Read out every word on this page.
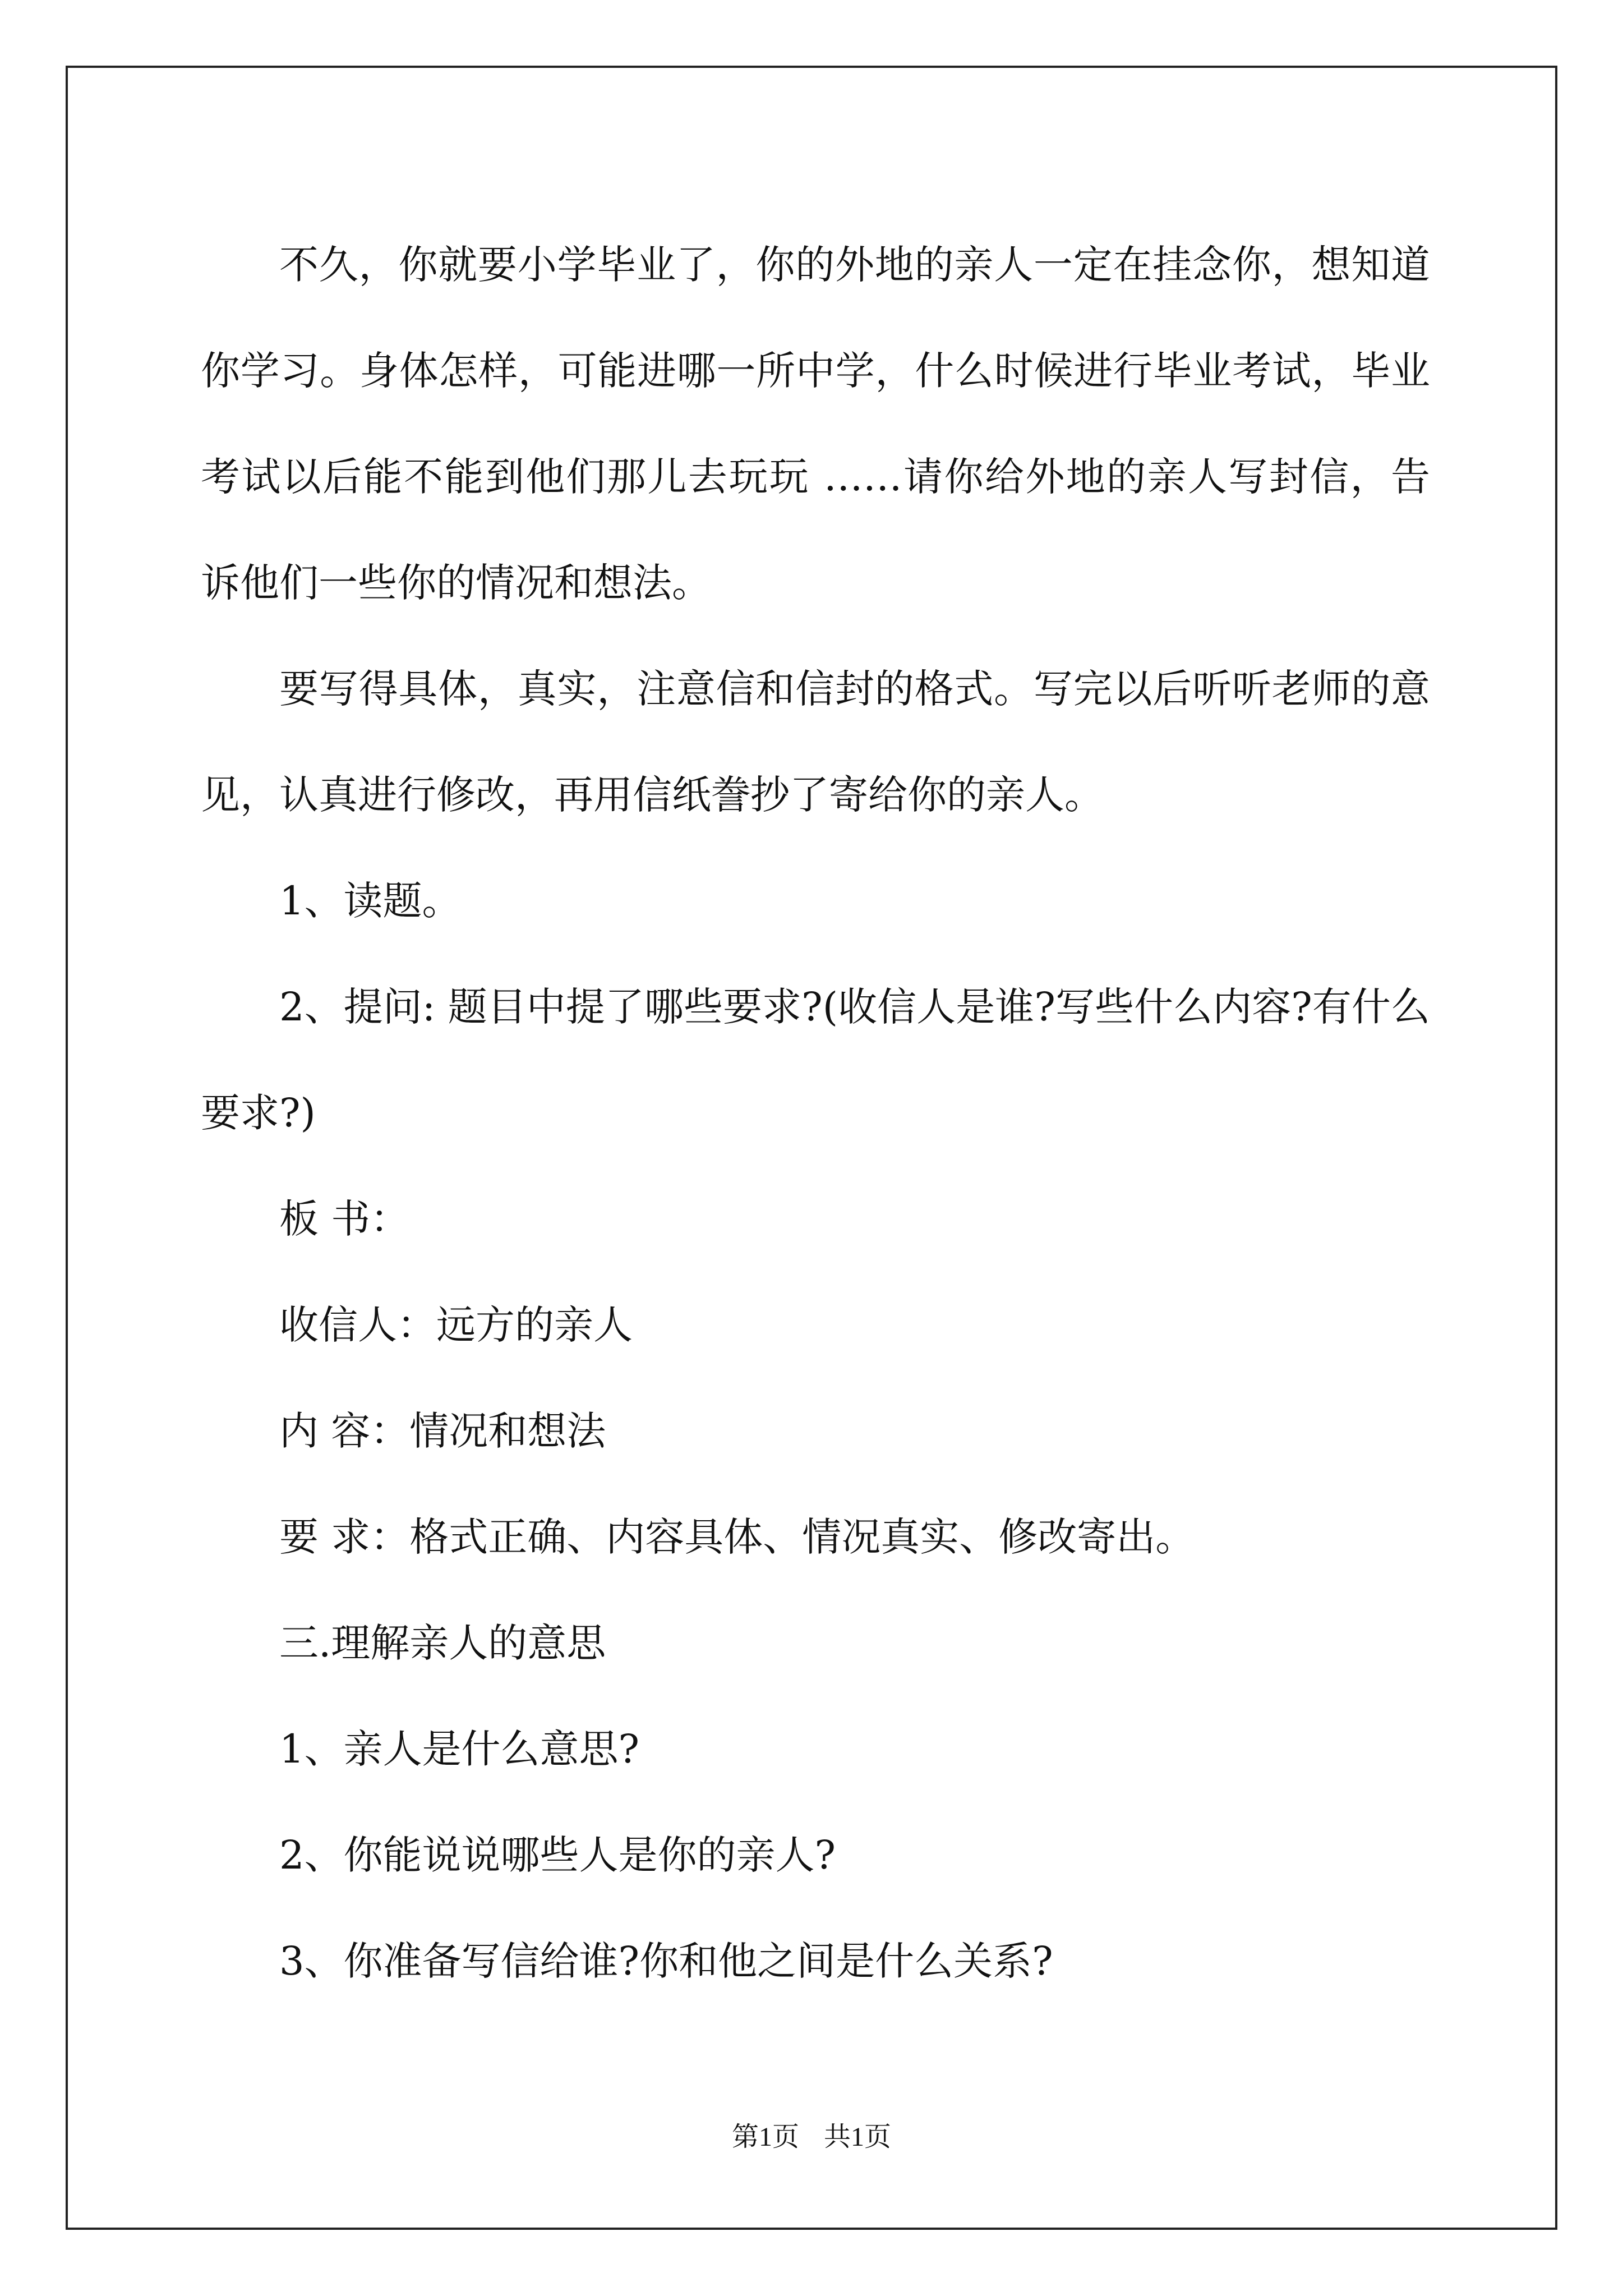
不久，你就要小学毕业了，你的外地的亲人一定在挂念你，想知道你学习。身体怎样，可能进哪一所中学，什么时候进行毕业考试，毕业考试以后能不能到他们那儿去玩玩 ……请你给外地的亲人写封信，告诉他们一些你的情况和想法。

要写得具体，真实，注意信和信封的格式。写完以后听听老师的意见，认真进行修改，再用信纸誊抄了寄给你的亲人。

1、读题。

2、提问: 题目中提了哪些要求?(收信人是谁?写些什么内容?有什么要求?)

板 书：

收信人：远方的亲人

内 容：情况和想法

要 求：格式正确、内容具体、情况真实、修改寄出。

三.理解亲人的意思

1、亲人是什么意思?

2、你能说说哪些人是你的亲人?

3、你准备写信给谁?你和他之间是什么关系?

第1页 共1页
